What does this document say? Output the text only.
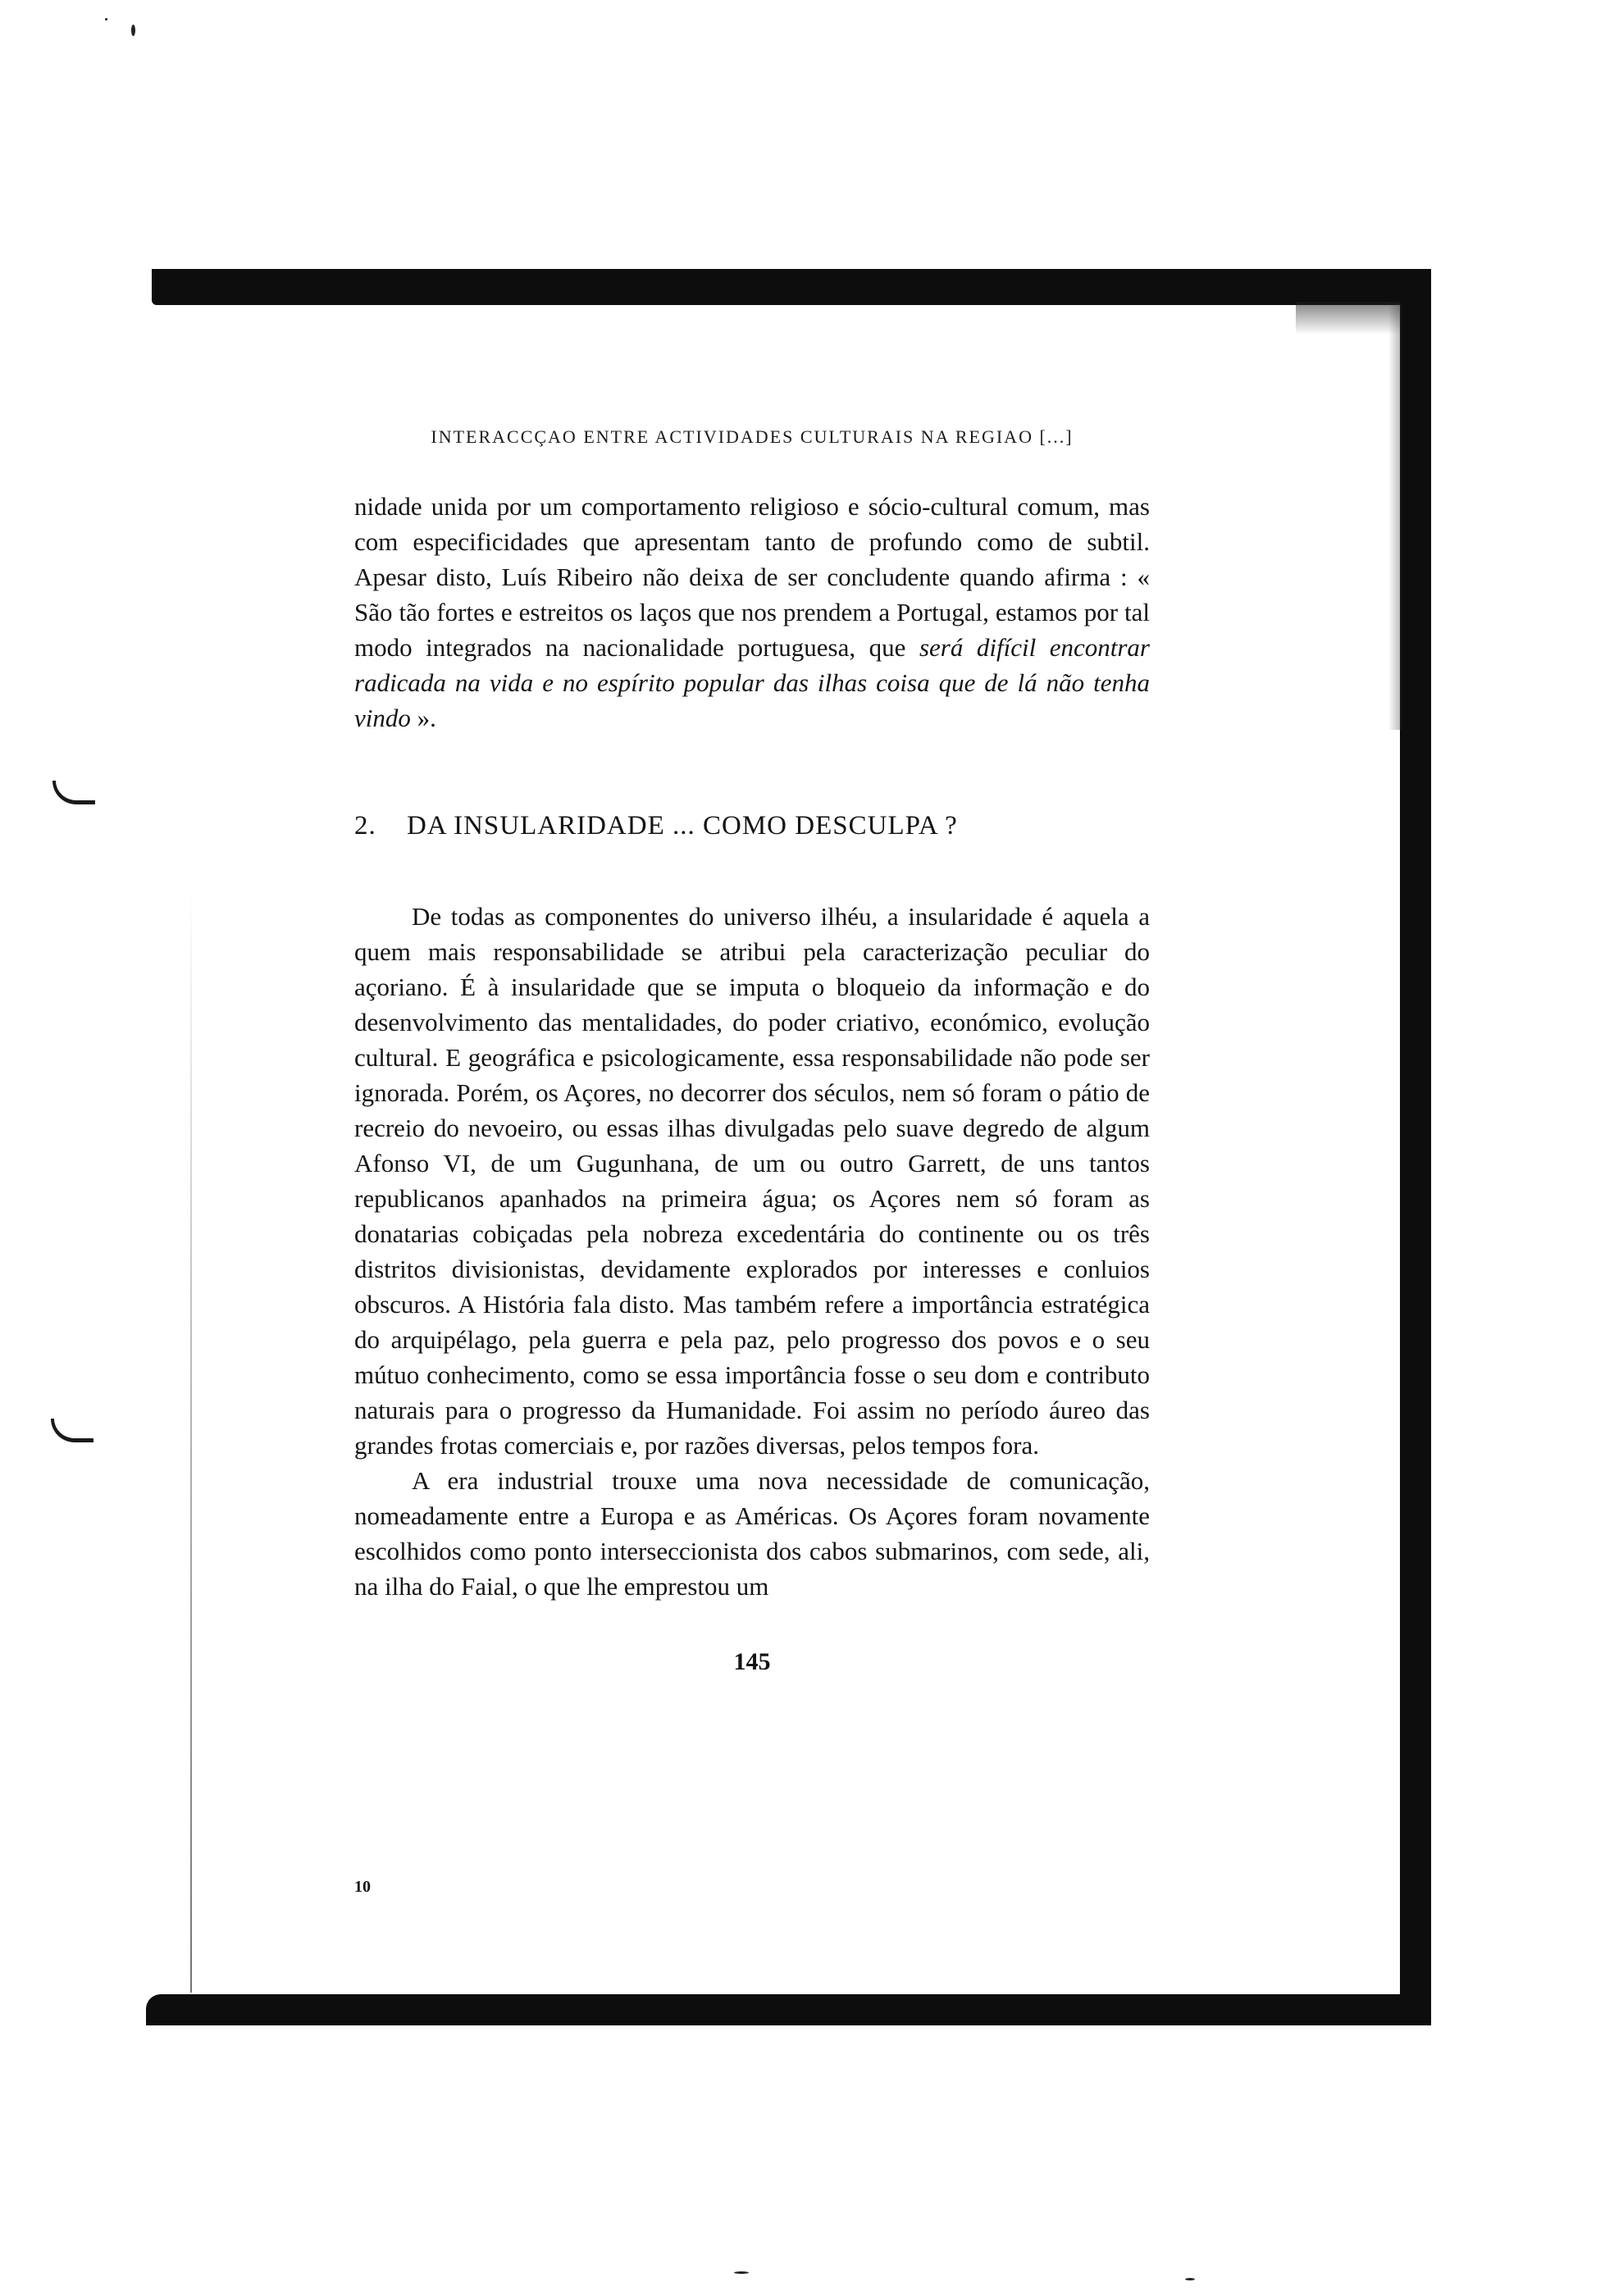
INTERACCÇAO ENTRE ACTIVIDADES CULTURAIS NA REGIAO [...]

nidade unida por um comportamento religioso e sócio-cultural comum, mas com especificidades que apresentam tanto de profundo como de subtil. Apesar disto, Luís Ribeiro não deixa de ser concludente quando afirma : « São tão fortes e estreitos os laços que nos prendem a Portugal, estamos por tal modo integrados na nacionalidade portuguesa, que será difícil encontrar radicada na vida e no espírito popular das ilhas coisa que de lá não tenha vindo ».

2. DA INSULARIDADE ... COMO DESCULPA ?

De todas as componentes do universo ilhéu, a insularidade é aquela a quem mais responsabilidade se atribui pela caracterização peculiar do açoriano. É à insularidade que se imputa o bloqueio da informação e do desenvolvimento das mentalidades, do poder criativo, económico, evolução cultural. E geográfica e psicologicamente, essa responsabilidade não pode ser ignorada. Porém, os Açores, no decorrer dos séculos, nem só foram o pátio de recreio do nevoeiro, ou essas ilhas divulgadas pelo suave degredo de algum Afonso VI, de um Gugunhana, de um ou outro Garrett, de uns tantos republicanos apanhados na primeira água; os Açores nem só foram as donatarias cobiçadas pela nobreza excedentária do continente ou os três distritos divisionistas, devidamente explorados por interesses e conluios obscuros. A História fala disto. Mas também refere a importância estratégica do arquipélago, pela guerra e pela paz, pelo progresso dos povos e o seu mútuo conhecimento, como se essa importância fosse o seu dom e contributo naturais para o progresso da Humanidade. Foi assim no período áureo das grandes frotas comerciais e, por razões diversas, pelos tempos fora.

A era industrial trouxe uma nova necessidade de comunicação, nomeadamente entre a Europa e as Américas. Os Açores foram novamente escolhidos como ponto interseccionista dos cabos submarinos, com sede, ali, na ilha do Faial, o que lhe emprestou um

145
10
